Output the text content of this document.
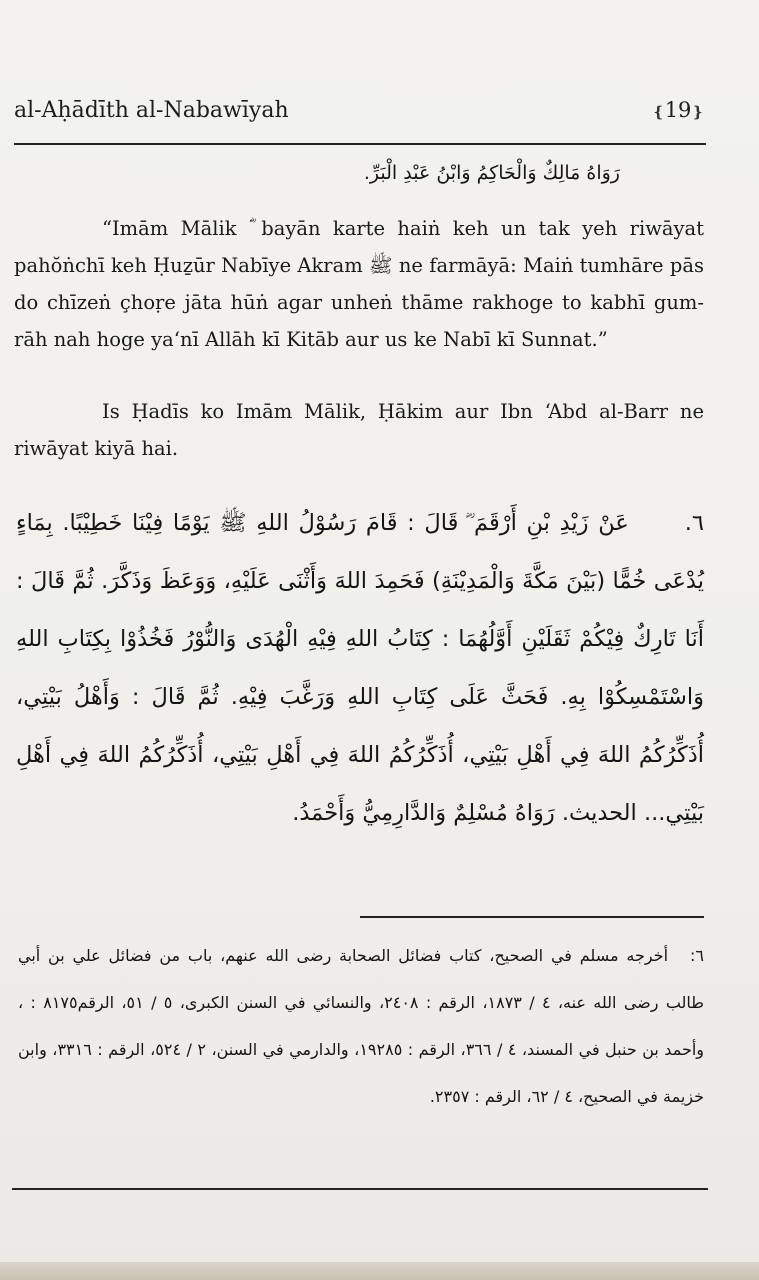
al-Aḥādīth al-Nabawīyah	❴19❵
رَوَاهُ مَالِكٌ وَالْحَاكِمُ وَابْنُ عَبْدِ الْبَرِّ.

“Imām Mālik ؓ bayān karte haiṅ keh un tak yeh riwāyat pahŏṅchī keh Ḥuẕūr Nabīye Akram ﷺ ne farmāyā: Maiṅ tumhāre pās do chīzeṅ çhoṛe jāta hūṅ agar unheṅ thāme rakhoge to kabhī gum-rāh nah hoge ya‘nī Allāh kī Kitāb aur us ke Nabī kī Sunnat.”

Is Ḥadīs ko Imām Mālik, Ḥākim aur Ibn ‘Abd al-Barr ne riwāyat kiyā hai.

٦.عَنْ زَيْدِ بْنِ أَرْقَمَ ؓ قَالَ : قَامَ رَسُوْلُ اللهِ ﷺ يَوْمًا فِيْنَا خَطِيْبًا. بِمَاءٍ يُدْعَى خُمًّا (بَيْنَ مَكَّةَ وَالْمَدِيْنَةِ) فَحَمِدَ اللهَ وَأَثْنَى عَلَيْهِ، وَوَعَظَ وَذَكَّرَ. ثُمَّ قَالَ : أَنَا تَارِكٌ فِيْكُمْ ثَقَلَيْنِ أَوَّلُهُمَا : كِتَابُ اللهِ فِيْهِ الْهُدَى وَالنُّوْرُ فَخُذُوْا بِكِتَابِ اللهِ وَاسْتَمْسِكُوْا بِهِ. فَحَثَّ عَلَى كِتَابِ اللهِ وَرَغَّبَ فِيْهِ. ثُمَّ قَالَ : وَأَهْلُ بَيْتِي، أُذَكِّرُكُمُ اللهَ فِي أَهْلِ بَيْتِي، أُذَكِّرُكُمُ اللهَ فِي أَهْلِ بَيْتِي، أُذَكِّرُكُمُ اللهَ فِي أَهْلِ بَيْتِي... الحديث. رَوَاهُ مُسْلِمٌ وَالدَّارِمِيُّ وَأَحْمَدُ.

٦:أخرجه مسلم في الصحيح، كتاب فضائل الصحابة رضى الله عنهم، باب من فضائل علي بن أبي طالب رضى الله عنه، ٤ / ١٨٧٣، الرقم : ٢٤٠٨، والنسائي في السنن الكبرى، ٥ / ٥١، الرقم٨١٧٥ : ، وأحمد بن حنبل في المسند، ٤ / ٣٦٦، الرقم : ١٩٢٨٥، والدارمي في السنن، ٢ / ٥٢٤، الرقم : ٣٣١٦، وابن خزيمة في الصحيح، ٤ / ٦٢، الرقم : ٢٣٥٧.
